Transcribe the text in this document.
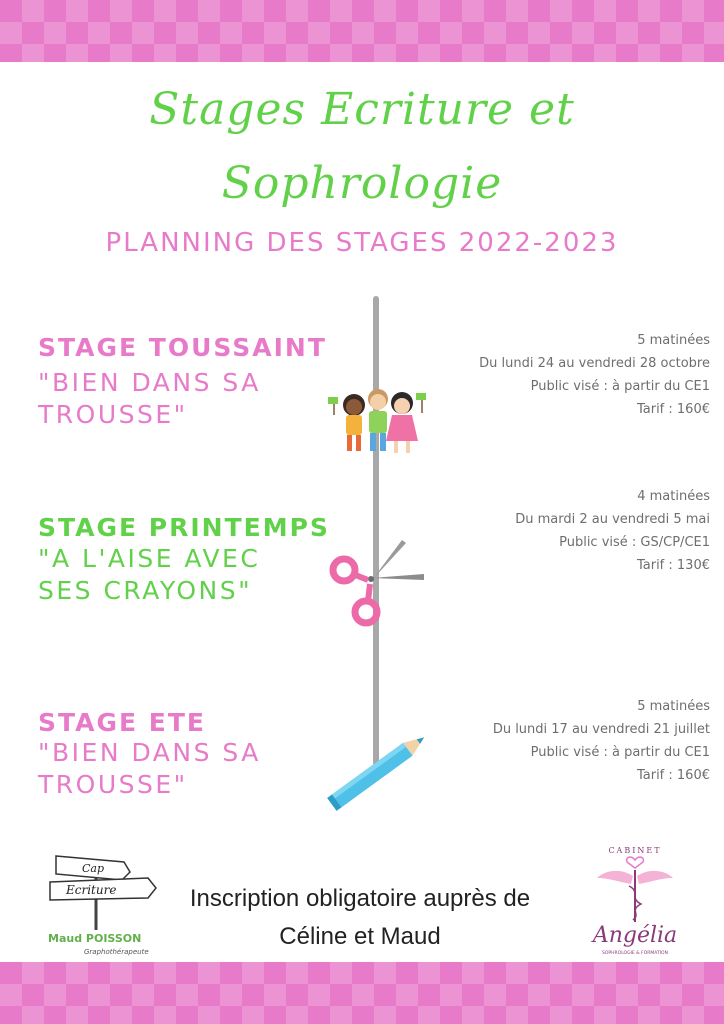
Stages Ecriture et
Sophrologie
PLANNING DES STAGES 2022-2023
STAGE TOUSSAINT
"BIEN DANS SA
TROUSSE"
5 matinées
Du lundi 24 au vendredi 28 octobre
Public visé : à partir du CE1
Tarif : 160€
STAGE PRINTEMPS
"A L'AISE AVEC
SES CRAYONS"
4 matinées
Du mardi 2 au vendredi 5 mai
Public visé : GS/CP/CE1
Tarif : 130€
STAGE ETE
"BIEN DANS SA
TROUSSE"
5 matinées
Du lundi 17 au vendredi 21 juillet
Public visé : à partir du CE1
Tarif : 160€
Cap
Ecriture
Maud POISSON
Graphothérapeute
Inscription obligatoire auprès de
Céline et Maud
CABINET
Angélia
SOPHROLOGIE & FORMATION
